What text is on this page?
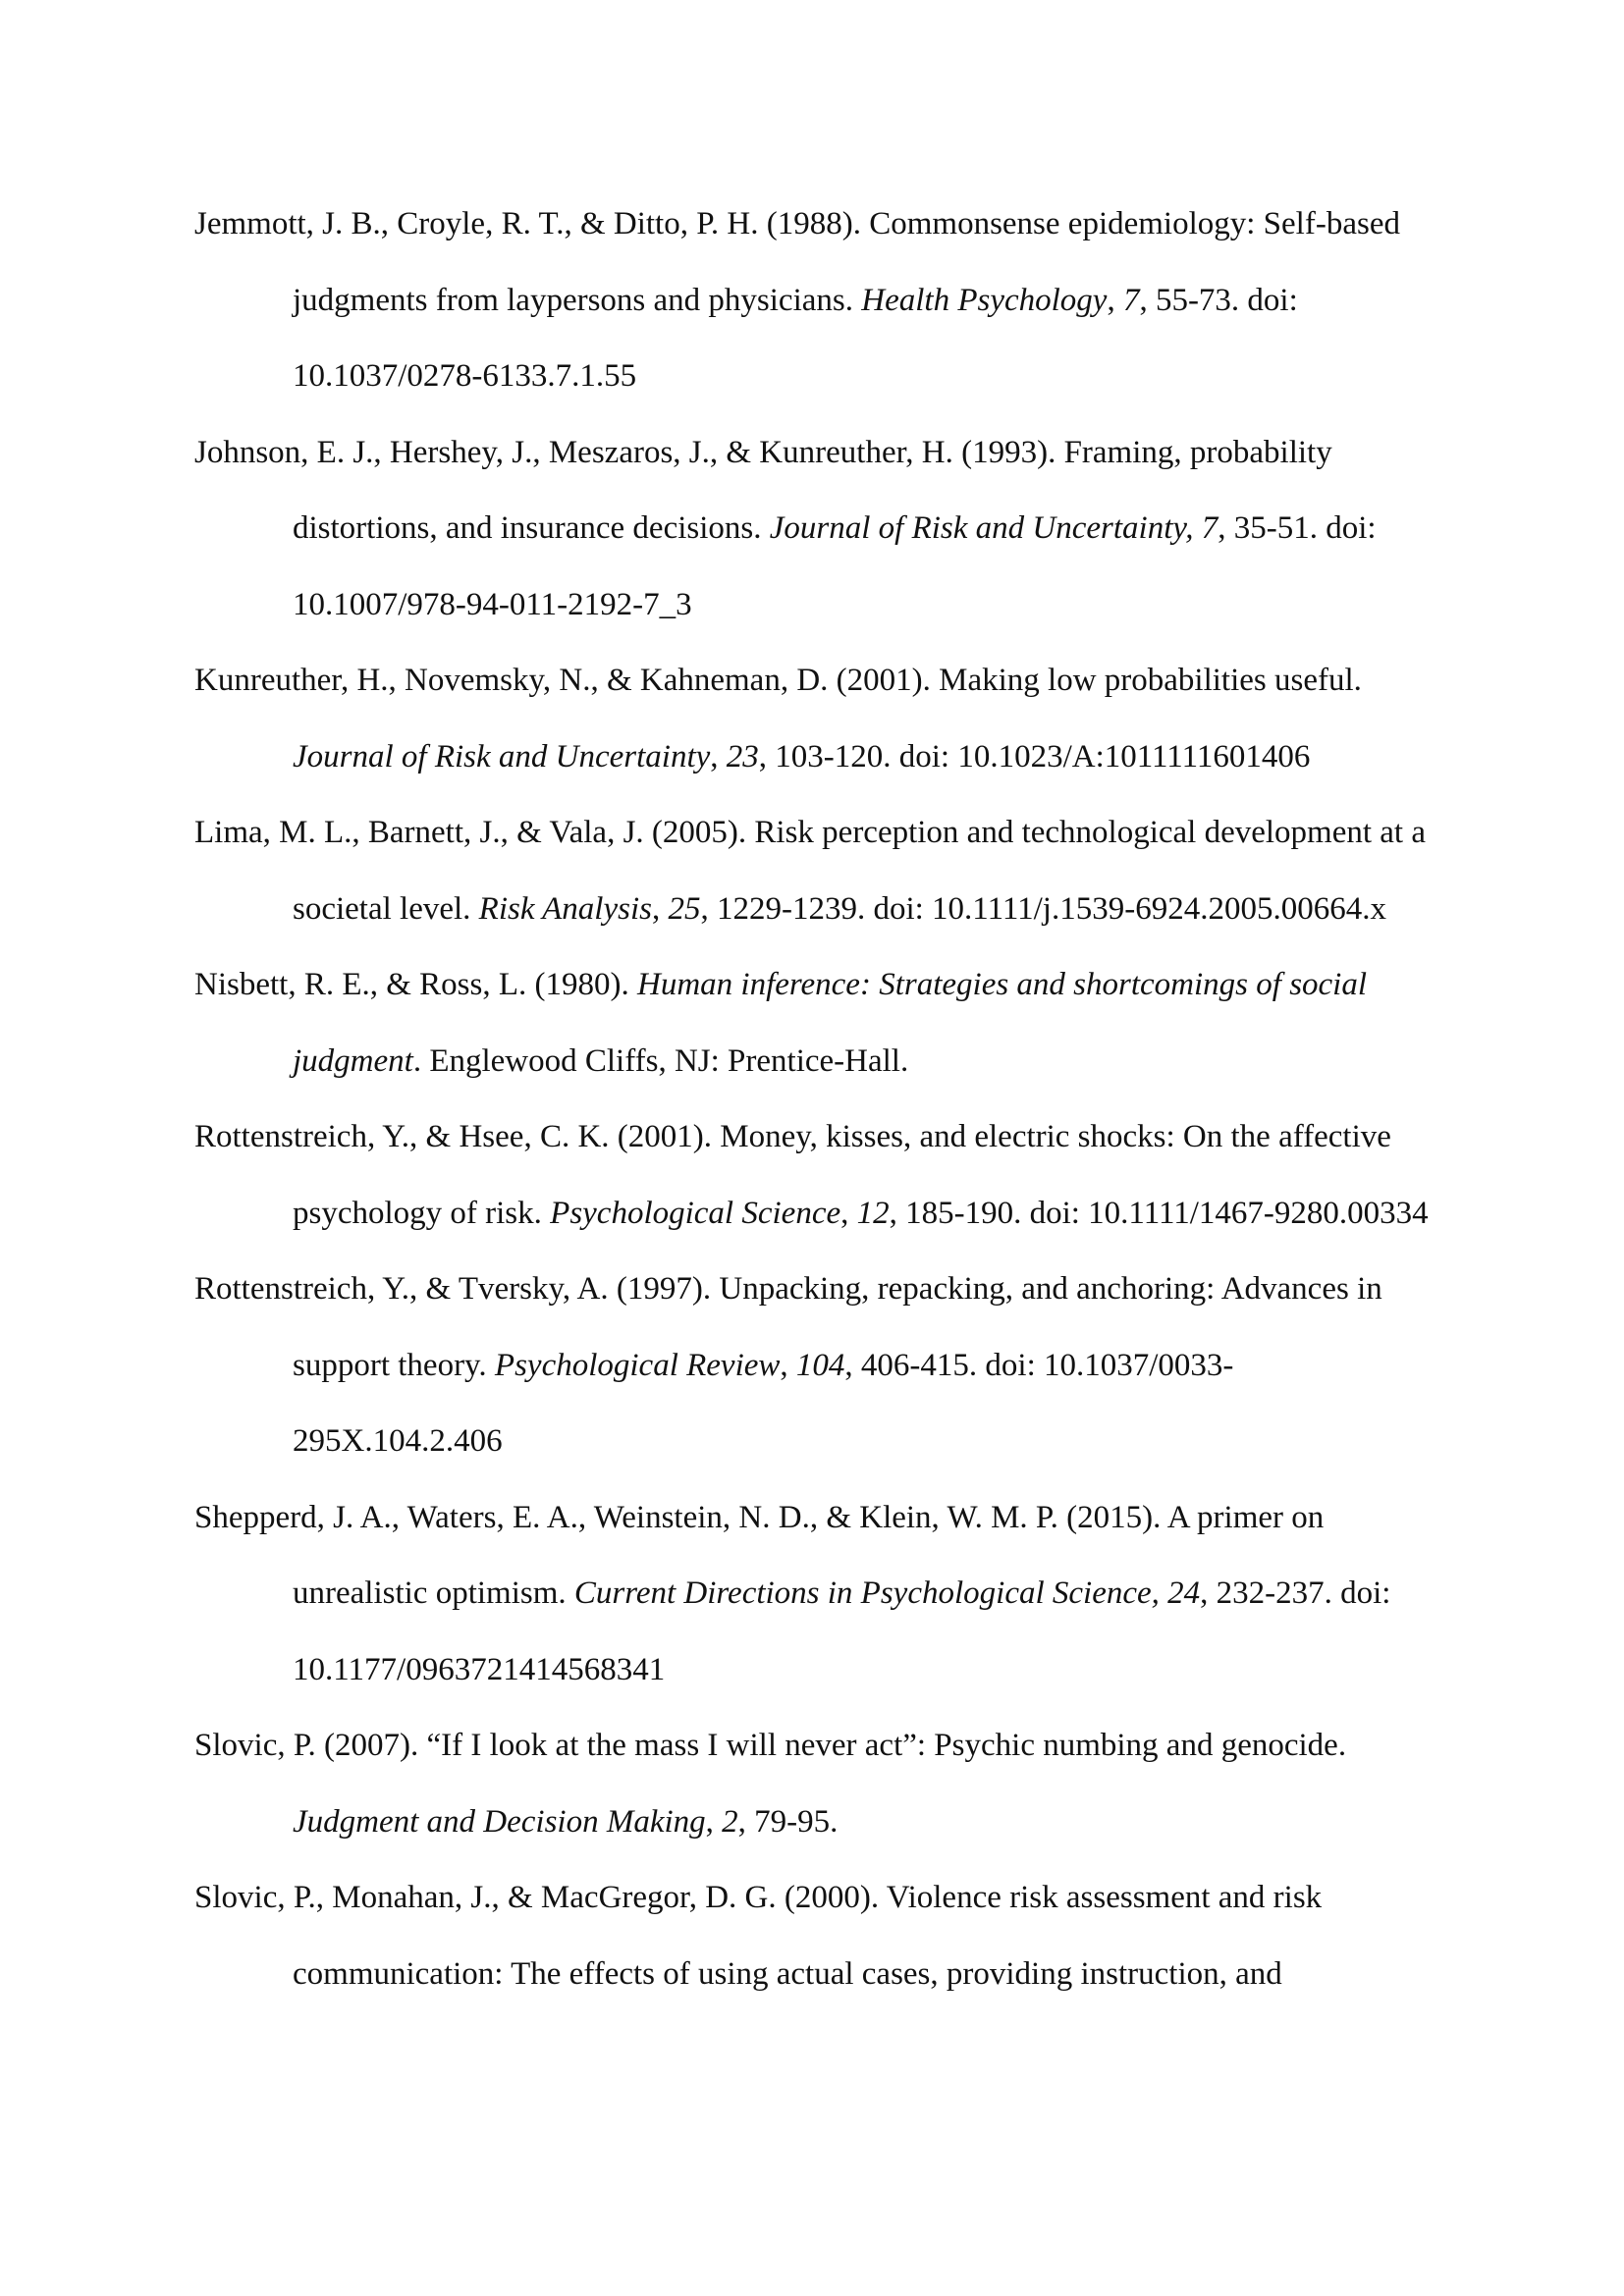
Jemmott, J. B., Croyle, R. T., & Ditto, P. H. (1988). Commonsense epidemiology: Self-based judgments from laypersons and physicians. Health Psychology, 7, 55-73. doi: 10.1037/0278-6133.7.1.55

Johnson, E. J., Hershey, J., Meszaros, J., & Kunreuther, H. (1993). Framing, probability distortions, and insurance decisions. Journal of Risk and Uncertainty, 7, 35-51. doi: 10.1007/978-94-011-2192-7_3

Kunreuther, H., Novemsky, N., & Kahneman, D. (2001). Making low probabilities useful. Journal of Risk and Uncertainty, 23, 103-120. doi: 10.1023/A:1011111601406

Lima, M. L., Barnett, J., & Vala, J. (2005). Risk perception and technological development at a societal level. Risk Analysis, 25, 1229-1239. doi: 10.1111/j.1539-6924.2005.00664.x

Nisbett, R. E., & Ross, L. (1980). Human inference: Strategies and shortcomings of social judgment. Englewood Cliffs, NJ: Prentice-Hall.

Rottenstreich, Y., & Hsee, C. K. (2001). Money, kisses, and electric shocks: On the affective psychology of risk. Psychological Science, 12, 185-190. doi: 10.1111/1467-9280.00334

Rottenstreich, Y., & Tversky, A. (1997). Unpacking, repacking, and anchoring: Advances in support theory. Psychological Review, 104, 406-415. doi: 10.1037/0033-295X.104.2.406

Shepperd, J. A., Waters, E. A., Weinstein, N. D., & Klein, W. M. P. (2015). A primer on unrealistic optimism. Current Directions in Psychological Science, 24, 232-237. doi: 10.1177/0963721414568341

Slovic, P. (2007). “If I look at the mass I will never act”: Psychic numbing and genocide. Judgment and Decision Making, 2, 79-95.

Slovic, P., Monahan, J., & MacGregor, D. G. (2000). Violence risk assessment and risk communication: The effects of using actual cases, providing instruction, and
